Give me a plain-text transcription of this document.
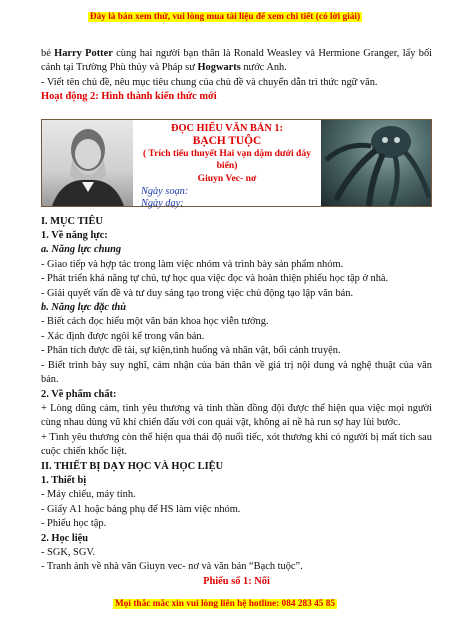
Đây là bản xem thử, vui lòng mua tài liệu để xem chi tiết (có lời giải)

bé Harry Potter cùng hai người bạn thân là Ronald Weasley và Hermione Granger, lấy bối cảnh tại Trường Phù thủy và Pháp sư Hogwarts nước Anh.

- Viết tên chủ đề, nêu mục tiêu chung của chủ đề và chuyển dẫn tri thức ngữ văn.

Hoạt động 2: Hình thành kiến thức mới

ĐỌC HIỂU VĂN BẢN 1:
BẠCH TUỘC
( Trích tiểu thuyết Hai vạn dặm dưới đáy biển)
Giuyn Vec- nơ
Ngày soạn:Ngày dạy:

I. MỤC TIÊU

1. Về năng lực:

a. Năng lực chung

- Giao tiếp và hợp tác trong làm việc nhóm và trình bày sản phẩm nhóm.

- Phát triển khả năng tự chủ, tự học qua việc đọc và hoàn thiện phiếu học tập ở nhà.

- Giải quyết vấn đề và tư duy sáng tạo trong việc chủ động tạo lập văn bản.

b. Năng lực đặc thù

- Biết cách đọc hiểu một văn bản khoa học viễn tưởng.

- Xác định được ngôi kể trong văn bản.

- Phân tích được đề tài, sự kiện,tình huống và nhân vật, bối cảnh truyện.

- Biết trình bày suy nghĩ, cảm nhận của bản thân về giá trị nội dung và nghệ thuật của văn bản.

2. Về phẩm chất:

+ Lòng dũng cảm, tình yêu thương và tinh thần đồng đội được thể hiện qua việc mọi người cùng nhau dùng vũ khí chiến đấu với con quái vật, không ai nề hà run sợ hay lùi bước.

+ Tình yêu thương còn thể hiện qua thái độ nuối tiếc, xót thương khi có người bị mất tích sau cuộc chiến khốc liệt.

II. THIẾT BỊ DẠY HỌC VÀ HỌC LIỆU

1. Thiết bị

- Máy chiếu, máy tính.

- Giấy A1 hoặc bảng phụ để HS làm việc nhóm.

- Phiếu học tập.

2. Học liệu

- SGK, SGV.

- Tranh ảnh về nhà văn Giuyn vec- nơ và văn bản “Bạch tuộc”.

Phiếu số 1: Nối

Mọi thắc mắc xin vui lòng liên hệ hotline: 084 283 45 85
